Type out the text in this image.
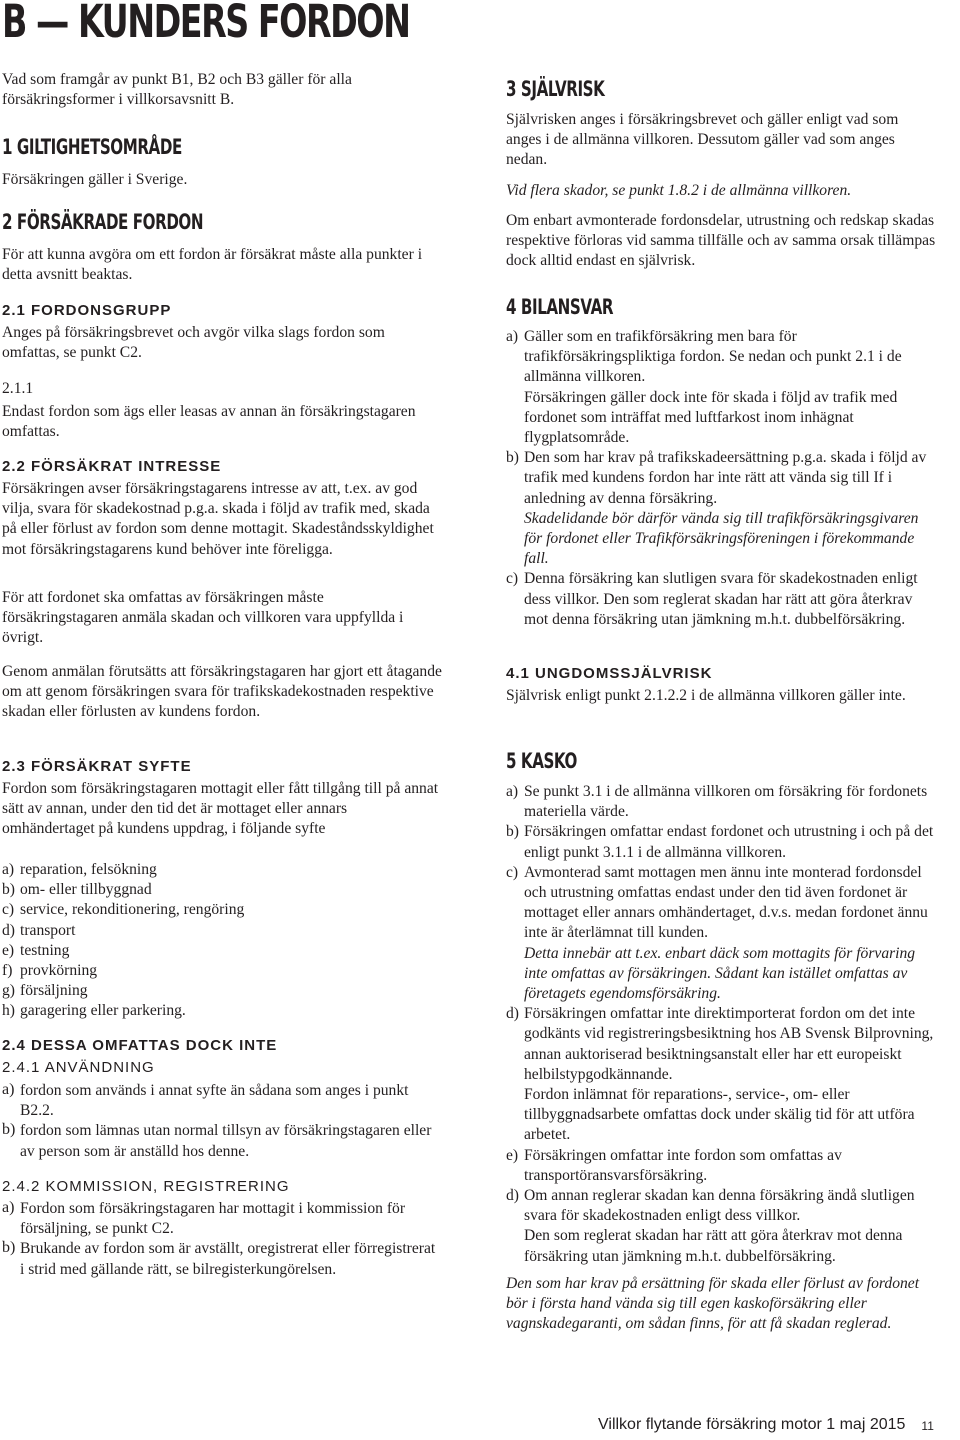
B — KUNDERS FORDON

Vad som framgår av punkt B1, B2 och B3 gäller för alla försäkringsformer i villkorsavsnitt B.

1 GILTIGHETSOMRÅDE

Försäkringen gäller i Sverige.

2 FÖRSÄKRADE FORDON

För att kunna avgöra om ett fordon är försäkrat måste alla punkter i detta avsnitt beaktas.

2.1 FORDONSGRUPP

Anges på försäkringsbrevet och avgör vilka slags fordon som omfattas, se punkt C2.

2.1.1

Endast fordon som ägs eller leasas av annan än försäkringstagaren omfattas.

2.2 FÖRSÄKRAT INTRESSE

Försäkringen avser försäkringstagarens intresse av att, t.ex. av god vilja, svara för skadekostnad p.g.a. skada i följd av trafik med, skada på eller förlust av fordon som denne mottagit. Skadeståndsskyldighet mot försäkringstagarens kund behöver inte föreligga.

För att fordonet ska omfattas av försäkringen måste försäkringstagaren anmäla skadan och villkoren vara uppfyllda i övrigt.

Genom anmälan förutsätts att försäkringstagaren har gjort ett åtagande om att genom försäkringen svara för trafikskadekostnaden respektive skadan eller förlusten av kundens fordon.

2.3 FÖRSÄKRAT SYFTE

Fordon som försäkringstagaren mottagit eller fått tillgång till på annat sätt av annan, under den tid det är mottaget eller annars omhändertaget på kundens uppdrag, i följande syfte

a) reparation, felsökning
b) om- eller tillbyggnad
c) service, rekonditionering, rengöring
d) transport
e) testning
f) provkörning
g) försäljning
h) garagering eller parkering.
2.4 DESSA OMFATTAS DOCK INTE
2.4.1 ANVÄNDNING
a) fordon som används i annat syfte än sådana som anges i punkt B2.2.
b) fordon som lämnas utan normal tillsyn av försäkringstagaren eller av person som är anställd hos denne.
2.4.2 KOMMISSION, REGISTRERING
a) Fordon som försäkringstagaren har mottagit i kommission för försäljning, se punkt C2.
b) Brukande av fordon som är avställt, oregistrerat eller förregistrerat i strid med gällande rätt, se bilregisterkungörelsen.
3 SJÄLVRISK

Självrisken anges i försäkringsbrevet och gäller enligt vad som anges i de allmänna villkoren. Dessutom gäller vad som anges nedan.

Vid flera skador, se punkt 1.8.2 i de allmänna villkoren.

Om enbart avmonterade fordonsdelar, utrustning och redskap skadas respektive förloras vid samma tillfälle och av samma orsak tillämpas dock alltid endast en självrisk.

4 BILANSVAR
a) Gäller som en trafikförsäkring men bara för trafikförsäkringspliktiga fordon. Se nedan och punkt 2.1 i de allmänna villkoren.
Försäkringen gäller dock inte för skada i följd av trafik med fordonet som inträffat med luftfarkost inom inhägnat flygplatsområde.
b) Den som har krav på trafikskadeersättning p.g.a. skada i följd av trafik med kundens fordon har inte rätt att vända sig till If i anledning av denna försäkring.
Skadelidande bör därför vända sig till trafikförsäkringsgivaren för fordonet eller Trafikförsäkringsföreningen i förekommande fall.
c) Denna försäkring kan slutligen svara för skadekostnaden enligt dess villkor. Den som reglerat skadan har rätt att göra återkrav mot denna försäkring utan jämkning m.h.t. dubbelförsäkring.
4.1 UNGDOMSSJÄLVRISK

Självrisk enligt punkt 2.1.2.2 i de allmänna villkoren gäller inte.

5 KASKO
a) Se punkt 3.1 i de allmänna villkoren om försäkring för fordonets materiella värde.
b) Försäkringen omfattar endast fordonet och utrustning i och på det enligt punkt 3.1.1 i de allmänna villkoren.
c) Avmonterad samt mottagen men ännu inte monterad fordonsdel och utrustning omfattas endast under den tid även fordonet är mottaget eller annars omhändertaget, d.v.s. medan fordonet ännu inte är återlämnat till kunden.
Detta innebär att t.ex. enbart däck som mottagits för förvaring inte omfattas av försäkringen. Sådant kan istället omfattas av företagets egendomsförsäkring.
d) Försäkringen omfattar inte direktimporterat fordon om det inte godkänts vid registreringsbesiktning hos AB Svensk Bilprovning, annan auktoriserad besiktningsanstalt eller har ett europeiskt helbilstypgodkännande.
Fordon inlämnat för reparations-, service-, om- eller tillbyggnadsarbete omfattas dock under skälig tid för att utföra arbetet.
e) Försäkringen omfattar inte fordon som omfattas av transportöransvarsförsäkring.
d) Om annan reglerar skadan kan denna försäkring ändå slutligen svara för skadekostnaden enligt dess villkor.
Den som reglerat skadan har rätt att göra återkrav mot denna försäkring utan jämkning m.h.t. dubbelförsäkring.

Den som har krav på ersättning för skada eller förlust av fordonet bör i första hand vända sig till egen kaskoförsäkring eller vagnskadegaranti, om sådan finns, för att få skadan reglerad.

Villkor flytande försäkring motor 1 maj 2015 11
